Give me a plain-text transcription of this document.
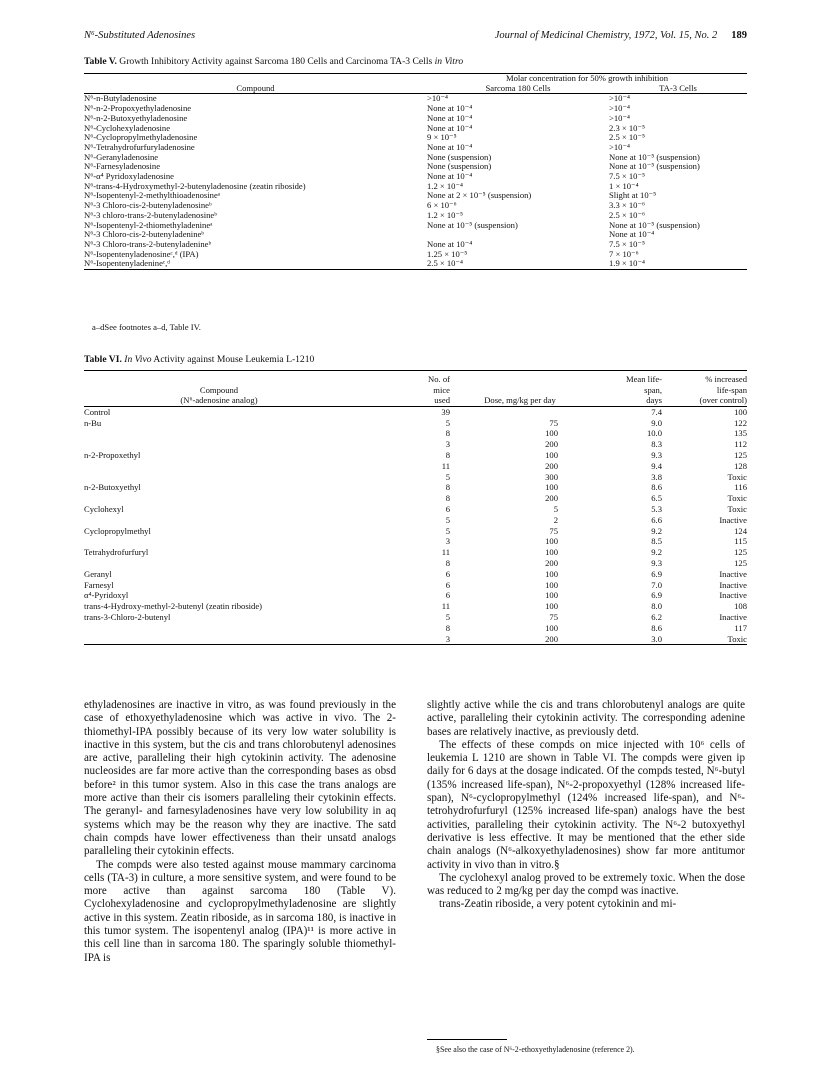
N⁶-Substituted Adenosines	Journal of Medicinal Chemistry, 1972, Vol. 15, No. 2 189
Table V. Growth Inhibitory Activity against Sarcoma 180 Cells and Carcinoma TA-3 Cells in Vitro
	Molar concentration for 50% growth inhibition	
Compound	Sarcoma 180 Cells	TA-3 Cells
N⁶-n-Butyladenosine	>10⁻⁴	>10⁻⁴
N⁶-n-2-Propoxyethyladenosine	None at 10⁻⁴	>10⁻⁴
N⁶-n-2-Butoxyethyladenosine	None at 10⁻⁴	>10⁻⁴
N⁶-Cyclohexyladenosine	None at 10⁻⁴	2.3 × 10⁻⁵
N⁶-Cyclopropylmethyladenosine	9 × 10⁻⁵	2.5 × 10⁻⁵
N⁶-Tetrahydrofurfuryladenosine	None at 10⁻⁴	>10⁻⁴
N⁶-Geranyladenosine	None (suspension)	None at 10⁻⁵ (suspension)
N⁶-Farnesyladenosine	None (suspension)	None at 10⁻⁵ (suspension)
N⁶-α⁴ Pyridoxyladenosine	None at 10⁻⁴	7.5 × 10⁻⁵
N⁶-trans-4-Hydroxymethyl-2-butenyladenosine (zeatin riboside)	1.2 × 10⁻⁴	1 × 10⁻⁴
N⁶-Isopentenyl-2-methylthioadenosineᵃ	None at 2 × 10⁻⁵ (suspension)	Slight at 10⁻⁵
N⁶-3 Chloro-cis-2-butenyladenosineᵇ	6 × 10⁻⁶	3.3 × 10⁻⁶
N⁶-3 chloro-trans-2-butenyladenosineᵇ	1.2 × 10⁻⁵	2.5 × 10⁻⁶
N⁶-Isopentenyl-2-thiomethyladenineᵃ	None at 10⁻⁵ (suspension)	None at 10⁻⁵ (suspension)
N⁶-3 Chloro-cis-2-butenyladenineᵇ		None at 10⁻⁴
N⁶-3 Chloro-trans-2-butenyladenineᵇ	None at 10⁻⁴	7.5 × 10⁻⁵
N⁶-Isopentenyladenosineᶜ,ᵈ (IPA)	1.25 × 10⁻⁵	7 × 10⁻⁶
N⁶-Isopentenyladenineᶜ,ᵈ	2.5 × 10⁻⁴	1.9 × 10⁻⁴
a–dSee footnotes a–d, Table IV.
Table VI. In Vivo Activity against Mouse Leukemia L-1210
Compound
(N⁶-adenosine analog)	No. of
mice
used	Dose, mg/kg per day	Mean life-
span,
days	% increased
life-span
(over control)
Control	39		7.4	100
n-Bu	5	75	9.0	122
	8	100	10.0	135
	3	200	8.3	112
n-2-Propoxethyl	8	100	9.3	125
	11	200	9.4	128
	5	300	3.8	Toxic
n-2-Butoxyethyl	8	100	8.6	116
	8	200	6.5	Toxic
Cyclohexyl	6	5	5.3	Toxic
	5	2	6.6	Inactive
Cyclopropylmethyl	5	75	9.2	124
	3	100	8.5	115
Tetrahydrofurfuryl	11	100	9.2	125
	8	200	9.3	125
Geranyl	6	100	6.9	Inactive
Farnesyl	6	100	7.0	Inactive
α⁴-Pyridoxyl	6	100	6.9	Inactive
trans-4-Hydroxy-methyl-2-butenyl (zeatin riboside)	11	100	8.0	108
trans-3-Chloro-2-butenyl	5	75	6.2	Inactive
	8	100	8.6	117
	3	200	3.0	Toxic

ethyladenosines are inactive in vitro, as was found previously in the case of ethoxyethyladenosine which was active in vivo. The 2-thiomethyl-IPA possibly because of its very low water solubility is inactive in this system, but the cis and trans chlorobutenyl adenosines are active, paralleling their high cytokinin activity. The adenosine nucleosides are far more active than the corresponding bases as obsd before² in this tumor system. Also in this case the trans analogs are more active than their cis isomers paralleling their cytokinin effects. The geranyl- and farnesyladenosines have very low solubility in aq systems which may be the reason why they are inactive. The satd chain compds have lower effectiveness than their unsatd analogs paralleling their cytokinin effects.

The compds were also tested against mouse mammary carcinoma cells (TA-3) in culture, a more sensitive system, and were found to be more active than against sarcoma 180 (Table V). Cyclohexyladenosine and cyclopropylmethyladenosine are slightly active in this system. Zeatin riboside, as in sarcoma 180, is inactive in this tumor system. The isopentenyl analog (IPA)¹¹ is more active in this cell line than in sarcoma 180. The sparingly soluble thiomethyl-IPA is

slightly active while the cis and trans chlorobutenyl analogs are quite active, paralleling their cytokinin activity. The corresponding adenine bases are relatively inactive, as previously detd.

The effects of these compds on mice injected with 10⁶ cells of leukemia L 1210 are shown in Table VI. The compds were given ip daily for 6 days at the dosage indicated. Of the compds tested, N⁶-butyl (135% increased life-span), N⁶-2-propoxyethyl (128% increased life-span), N⁶-cyclopropylmethyl (124% increased life-span), and N⁶-tetrohydrofurfuryl (125% increased life-span) analogs have the best activities, paralleling their cytokinin activity. The N⁶-2 butoxyethyl derivative is less effective. It may be mentioned that the ether side chain analogs (N⁶-alkoxyethyladenosines) show far more antitumor activity in vivo than in vitro.§

The cyclohexyl analog proved to be extremely toxic. When the dose was reduced to 2 mg/kg per day the compd was inactive.

trans-Zeatin riboside, a very potent cytokinin and mi-

§See also the case of N⁶-2-ethoxyethyladenosine (reference 2).
